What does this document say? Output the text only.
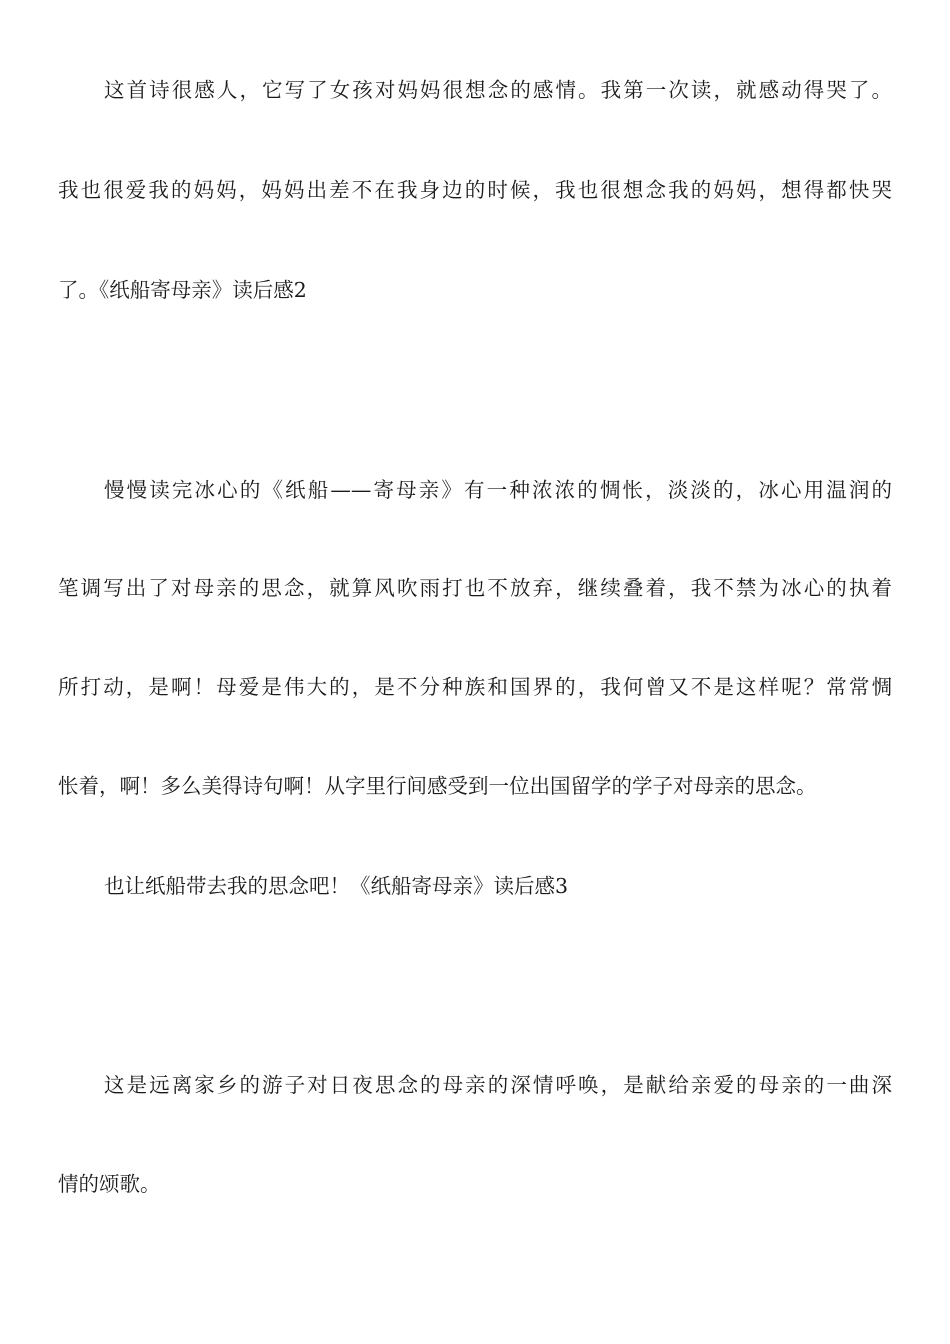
这首诗很感人，它写了女孩对妈妈很想念的感情。我第一次读，就感动得哭了。
我也很爱我的妈妈，妈妈出差不在我身边的时候，我也很想念我的妈妈，想得都快哭
了。《纸船寄母亲》读后感2
慢慢读完冰心的《纸船——寄母亲》有一种浓浓的惆怅，淡淡的，冰心用温润的
笔调写出了对母亲的思念，就算风吹雨打也不放弃，继续叠着，我不禁为冰心的执着
所打动，是啊！母爱是伟大的，是不分种族和国界的，我何曾又不是这样呢？常常惆
怅着，啊！多么美得诗句啊！从字里行间感受到一位出国留学的学子对母亲的思念。
也让纸船带去我的思念吧！《纸船寄母亲》读后感3
这是远离家乡的游子对日夜思念的母亲的深情呼唤，是献给亲爱的母亲的一曲深
情的颂歌。
